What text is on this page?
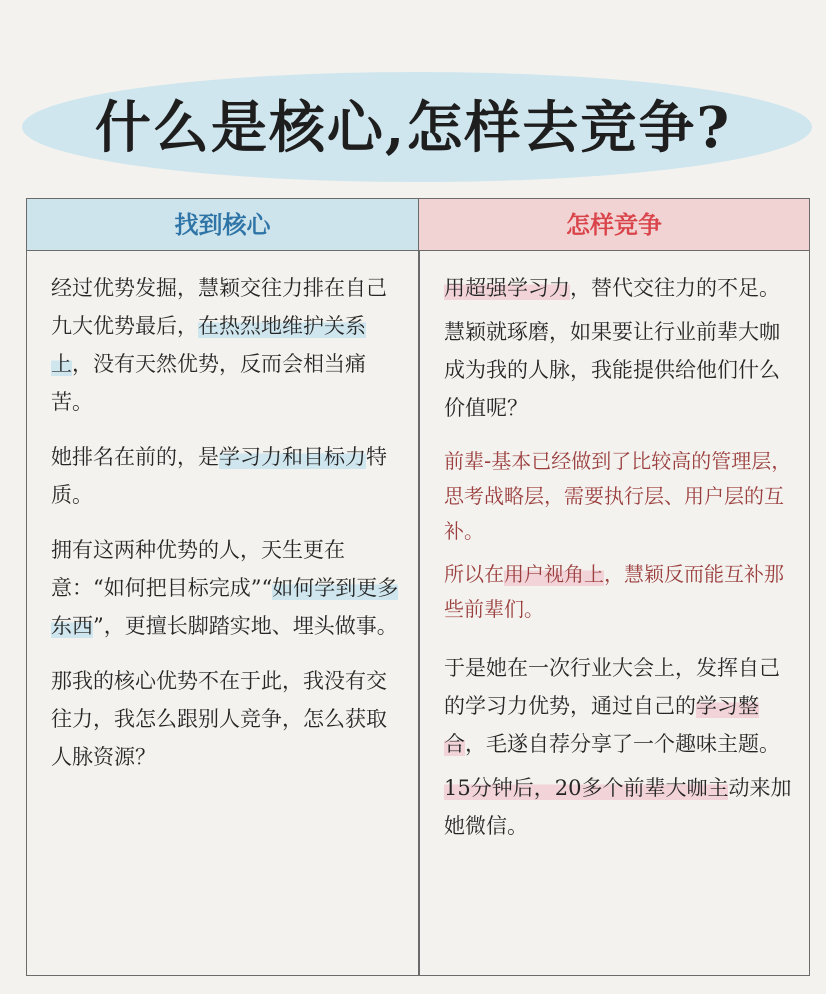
什么是核心,怎样去竞争?
找到核心	怎样竞争

经过优势发掘，慧颖交往力排在自己九大优势最后，在热烈地维护关系上，没有天然优势，反而会相当痛苦。

她排名在前的，是学习力和目标力特质。

拥有这两种优势的人，天生更在意：“如何把目标完成”“如何学到更多东西”，更擅长脚踏实地、埋头做事。

那我的核心优势不在于此，我没有交往力，我怎么跟别人竞争，怎么获取人脉资源？

用超强学习力，替代交往力的不足。

慧颖就琢磨，如果要让行业前辈大咖成为我的人脉，我能提供给他们什么价值呢？

前辈-基本已经做到了比较高的管理层，思考战略层，需要执行层、用户层的互补。

所以在用户视角上，慧颖反而能互补那些前辈们。

于是她在一次行业大会上，发挥自己的学习力优势，通过自己的学习整合，毛遂自荐分享了一个趣味主题。

15分钟后，20多个前辈大咖主动来加她微信。
